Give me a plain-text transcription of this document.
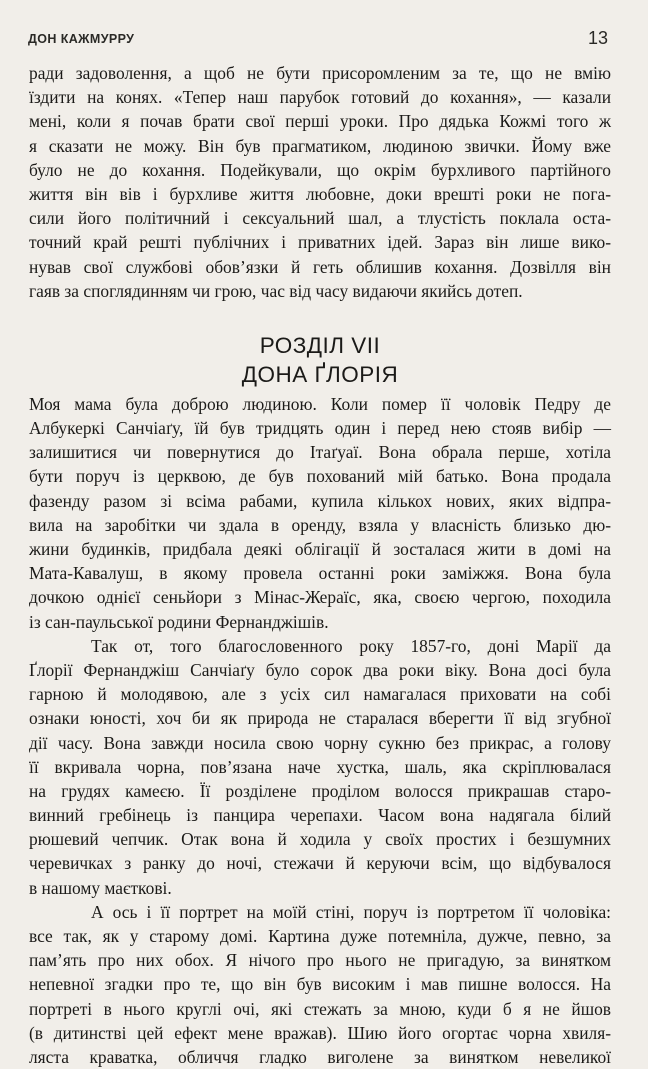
ДОН КАЖМУРРУ	13

ради задоволення, а щоб не бути присоромленим за те, що не вмію
їздити на конях. «Тепер наш парубок готовий до кохання», — казали
мені, коли я почав брати свої перші уроки. Про дядька Кожмі того ж
я сказати не можу. Він був прагматиком, людиною звички. Йому вже
було не до кохання. Подейкували, що окрім бурхливого партійного
життя він вів і бурхливе життя любовне, доки врешті роки не пога-
сили його політичний і сексуальний шал, а тлустість поклала оста-
точний край решті публічних і приватних ідей. Зараз він лише вико-
нував свої службові обов’язки й геть облишив кохання. Дозвілля він
гаяв за споглядинням чи грою, час від часу видаючи якийсь дотеп.

РОЗДІЛ VII
ДОНА ҐЛОРІЯ

Моя мама була доброю людиною. Коли помер її чоловік Педру де
Албукеркі Санчіаґу, їй був тридцять один і перед нею стояв вибір —
залишитися чи повернутися до Ітаґуаї. Вона обрала перше, хотіла
бути поруч із церквою, де був похований мій батько. Вона продала
фазенду разом зі всіма рабами, купила кількох нових, яких відпра-
вила на заробітки чи здала в оренду, взяла у власність близько дю-
жини будинків, придбала деякі облігації й зосталася жити в домі на
Мата-Кавалуш, в якому провела останні роки заміжжя. Вона була
дочкою однієї сеньйори з Мінас-Жераїс, яка, своєю чергою, походила
із сан-паульської родини Фернанджішів.

Так от, того благословенного року 1857-го, доні Марії да
Ґлорії Фернанджіш Санчіаґу було сорок два роки віку. Вона досі була
гарною й молодявою, але з усіх сил намагалася приховати на собі
ознаки юності, хоч би як природа не старалася вберегти її від згубної
дії часу. Вона завжди носила свою чорну сукню без прикрас, а голову
її вкривала чорна, пов’язана наче хустка, шаль, яка скріплювалася
на грудях камеєю. Її розділене проділом волосся прикрашав старо-
винний гребінець із панцира черепахи. Часом вона надягала білий
рюшевий чепчик. Отак вона й ходила у своїх простих і безшумних
черевичках з ранку до ночі, стежачи й керуючи всім, що відбувалося
в нашому маєткові.

А ось і її портрет на моїй стіні, поруч із портретом її чоловіка:
все так, як у старому домі. Картина дуже потемніла, дужче, певно, за
пам’ять про них обох. Я нічого про нього не пригадую, за винятком
непевної згадки про те, що він був високим і мав пишне волосся. На
портреті в нього круглі очі, які стежать за мною, куди б я не йшов
(в дитинстві цей ефект мене вражав). Шию його огортає чорна хвиля-
ляста краватка, обличчя гладко виголене за винятком невеликої
